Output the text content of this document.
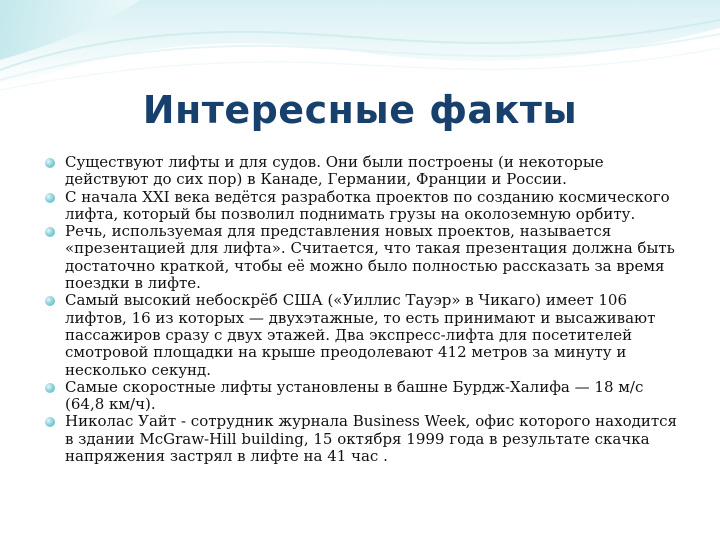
Интересные факты
Существуют лифты и для судов. Они были построены (и некоторые действуют до сих пор) в Канаде, Германии, Франции и России.
С начала XXI века ведётся разработка проектов по созданию космического лифта, который бы позволил поднимать грузы на околоземную орбиту.
Речь, используемая для представления новых проектов, называется «презентацией для лифта». Считается, что такая презентация должна быть достаточно краткой, чтобы её можно было полностью рассказать за время поездки в лифте.
Самый высокий небоскрёб США («Уиллис Тауэр» в Чикаго) имеет 106 лифтов, 16 из которых — двухэтажные, то есть принимают и высаживают пассажиров сразу с двух этажей. Два экспресс-лифта для посетителей смотровой площадки на крыше преодолевают 412 метров за минуту и несколько секунд.
Самые скоростные лифты установлены в башне Бурдж-Халифа — 18 м/с (64,8 км/ч).
Николас Уайт - сотрудник журнала Business Week, офис которого находится в здании McGraw-Hill building, 15 октября 1999 года в результате скачка напряжения застрял в лифте на 41 час .
